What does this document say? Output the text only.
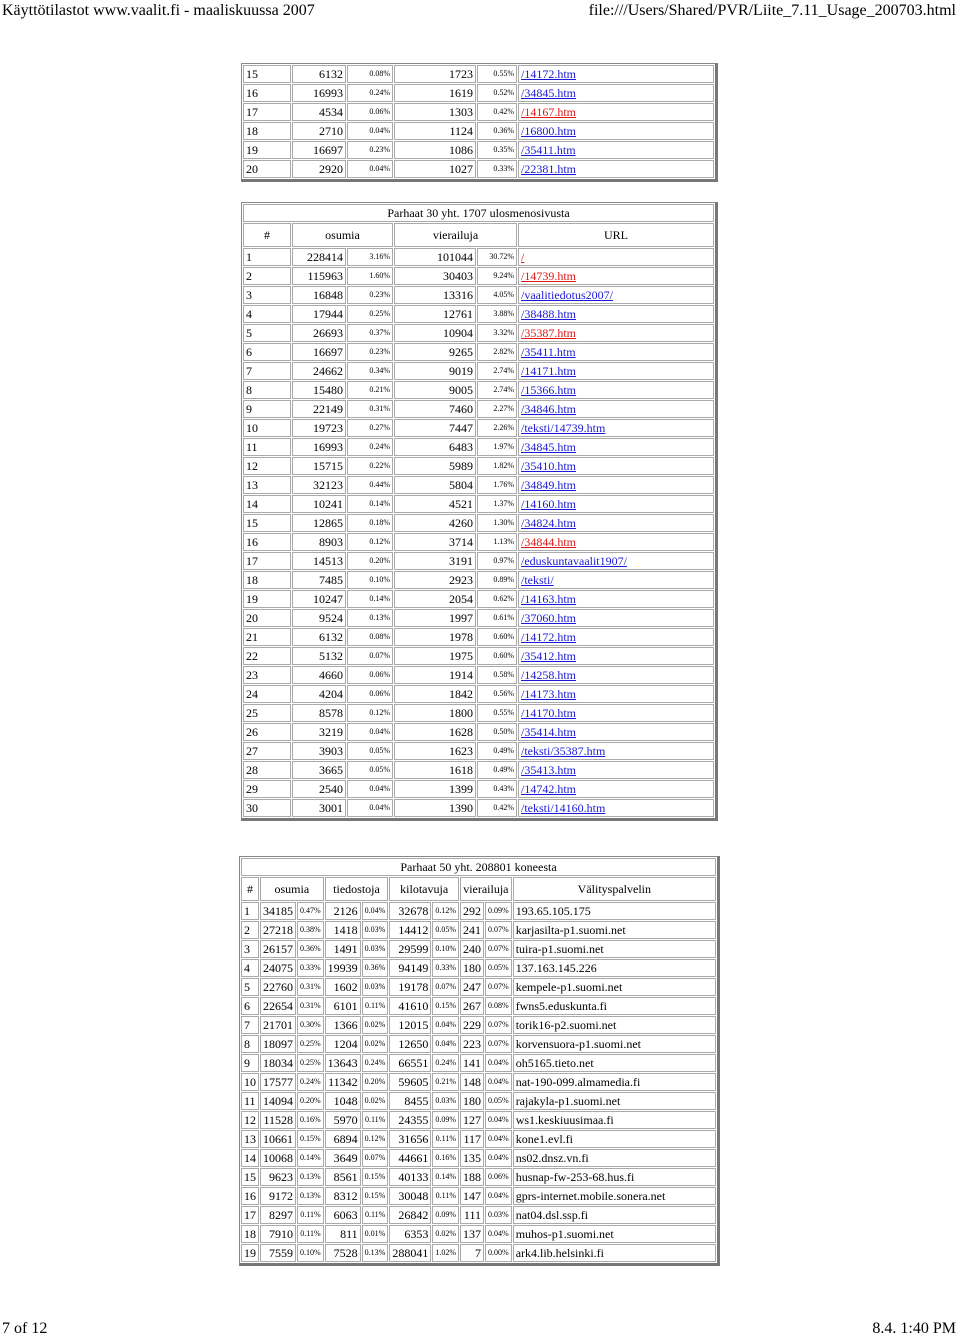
Käyttötilastot www.vaalit.fi - maaliskuussa 2007	file:///Users/Shared/PVR/Liite_7.11_Usage_200703.html
15	6132	0.08%	1723	0.55%	/14172.htm
16	16993	0.24%	1619	0.52%	/34845.htm
17	4534	0.06%	1303	0.42%	/14167.htm
18	2710	0.04%	1124	0.36%	/16800.htm
19	16697	0.23%	1086	0.35%	/35411.htm
20	2920	0.04%	1027	0.33%	/22381.htm
Parhaat 30 yht. 1707 ulosmenosivusta					
#	osumia		vierailuja		URL
1	228414	3.16%	101044	30.72%	/
2	115963	1.60%	30403	9.24%	/14739.htm
3	16848	0.23%	13316	4.05%	/vaalitiedotus2007/
4	17944	0.25%	12761	3.88%	/38488.htm
5	26693	0.37%	10904	3.32%	/35387.htm
6	16697	0.23%	9265	2.82%	/35411.htm
7	24662	0.34%	9019	2.74%	/14171.htm
8	15480	0.21%	9005	2.74%	/15366.htm
9	22149	0.31%	7460	2.27%	/34846.htm
10	19723	0.27%	7447	2.26%	/teksti/14739.htm
11	16993	0.24%	6483	1.97%	/34845.htm
12	15715	0.22%	5989	1.82%	/35410.htm
13	32123	0.44%	5804	1.76%	/34849.htm
14	10241	0.14%	4521	1.37%	/14160.htm
15	12865	0.18%	4260	1.30%	/34824.htm
16	8903	0.12%	3714	1.13%	/34844.htm
17	14513	0.20%	3191	0.97%	/eduskuntavaalit1907/
18	7485	0.10%	2923	0.89%	/teksti/
19	10247	0.14%	2054	0.62%	/14163.htm
20	9524	0.13%	1997	0.61%	/37060.htm
21	6132	0.08%	1978	0.60%	/14172.htm
22	5132	0.07%	1975	0.60%	/35412.htm
23	4660	0.06%	1914	0.58%	/14258.htm
24	4204	0.06%	1842	0.56%	/14173.htm
25	8578	0.12%	1800	0.55%	/14170.htm
26	3219	0.04%	1628	0.50%	/35414.htm
27	3903	0.05%	1623	0.49%	/teksti/35387.htm
28	3665	0.05%	1618	0.49%	/35413.htm
29	2540	0.04%	1399	0.43%	/14742.htm
30	3001	0.04%	1390	0.42%	/teksti/14160.htm
Parhaat 50 yht. 208801 koneesta									
#	osumia		tiedostoja		kilotavuja		vierailuja		Välityspalvelin
1	34185	0.47%	2126	0.04%	32678	0.12%	292	0.09%	193.65.105.175
2	27218	0.38%	1418	0.03%	14412	0.05%	241	0.07%	karjasilta-p1.suomi.net
3	26157	0.36%	1491	0.03%	29599	0.10%	240	0.07%	tuira-p1.suomi.net
4	24075	0.33%	19939	0.36%	94149	0.33%	180	0.05%	137.163.145.226
5	22760	0.31%	1602	0.03%	19178	0.07%	247	0.07%	kempele-p1.suomi.net
6	22654	0.31%	6101	0.11%	41610	0.15%	267	0.08%	fwns5.eduskunta.fi
7	21701	0.30%	1366	0.02%	12015	0.04%	229	0.07%	torik16-p2.suomi.net
8	18097	0.25%	1204	0.02%	12650	0.04%	223	0.07%	korvensuora-p1.suomi.net
9	18034	0.25%	13643	0.24%	66551	0.24%	141	0.04%	oh5165.tieto.net
10	17577	0.24%	11342	0.20%	59605	0.21%	148	0.04%	nat-190-099.almamedia.fi
11	14094	0.20%	1048	0.02%	8455	0.03%	180	0.05%	rajakyla-p1.suomi.net
12	11528	0.16%	5970	0.11%	24355	0.09%	127	0.04%	ws1.keskiuusimaa.fi
13	10661	0.15%	6894	0.12%	31656	0.11%	117	0.04%	kone1.evl.fi
14	10068	0.14%	3649	0.07%	44661	0.16%	135	0.04%	ns02.dnsz.vn.fi
15	9623	0.13%	8561	0.15%	40133	0.14%	188	0.06%	husnap-fw-253-68.hus.fi
16	9172	0.13%	8312	0.15%	30048	0.11%	147	0.04%	gprs-internet.mobile.sonera.net
17	8297	0.11%	6063	0.11%	26842	0.09%	111	0.03%	nat04.dsl.ssp.fi
18	7910	0.11%	811	0.01%	6353	0.02%	137	0.04%	muhos-p1.suomi.net
19	7559	0.10%	7528	0.13%	288041	1.02%	7	0.00%	ark4.lib.helsinki.fi
7 of 12	8.4. 1:40 PM
